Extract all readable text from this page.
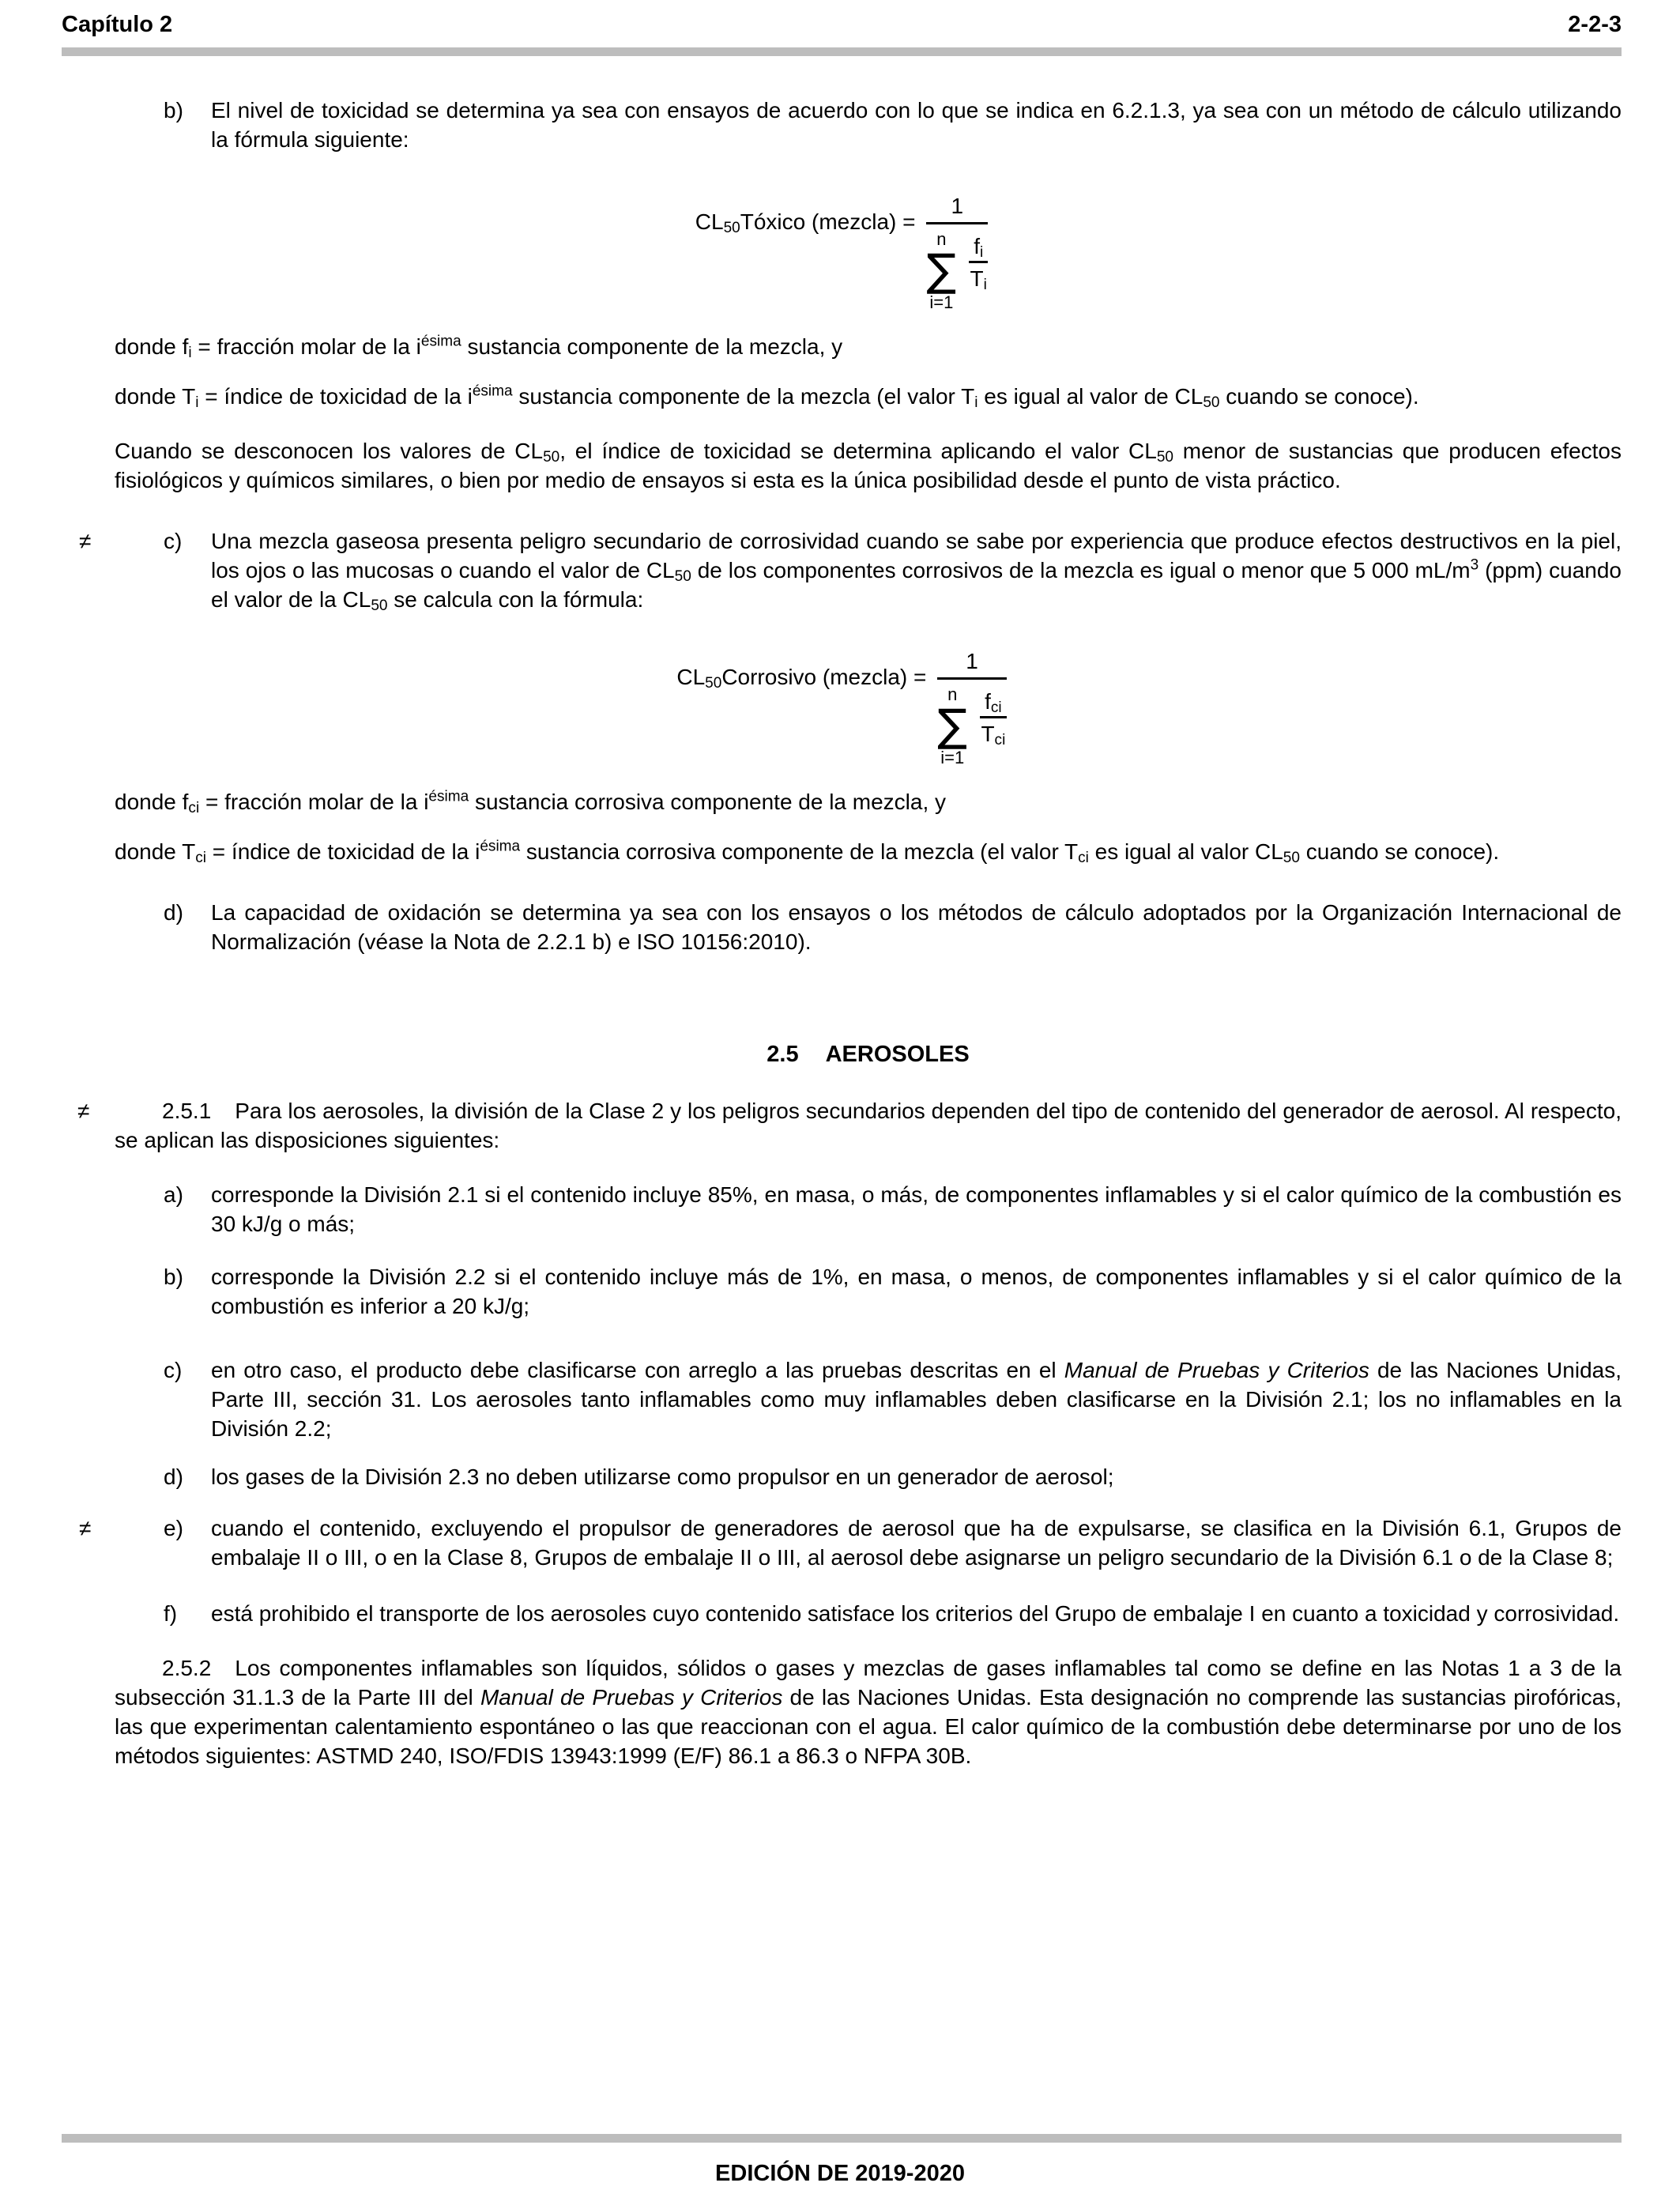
Capítulo 2	2-2-3
b)	El nivel de toxicidad se determina ya sea con ensayos de acuerdo con lo que se indica en 6.2.1.3, ya sea con un método de cálculo utilizando la fórmula siguiente:
$CL_{50}Tóxico$ (mezcla) =
1
n
∑
i=1
$\frac{f_i}{T_i}$

donde $f_i$ = fracción molar de la $i^{ésima}$ sustancia componente de la mezcla, y

donde $T_i$ = índice de toxicidad de la $i^{ésima}$ sustancia componente de la mezcla (el valor $T_i$ es igual al valor de $CL_{50}$ cuando se conoce).

Cuando se desconocen los valores de $CL_{50}$, el índice de toxicidad se determina aplicando el valor $CL_{50}$ menor de sustancias que producen efectos fisiológicos y químicos similares, o bien por medio de ensayos si esta es la única posibilidad desde el punto de vista práctico.

≠	c)	Una mezcla gaseosa presenta peligro secundario de corrosividad cuando se sabe por experiencia que produce efectos destructivos en la piel, los ojos o las mucosas o cuando el valor de $CL_{50}$ de los componentes corrosivos de la mezcla es igual o menor que 5 000 $mL/m^3$ (ppm) cuando el valor de la $CL_{50}$ se calcula con la fórmula:
$CL_{50}Corrosivo$ (mezcla) =
1
n
∑
i=1
$\frac{f_{ci}}{T_{ci}}$

donde $f_{ci}$ = fracción molar de la $i^{ésima}$ sustancia corrosiva componente de la mezcla, y

donde $T_{ci}$ = índice de toxicidad de la $i^{ésima}$ sustancia corrosiva componente de la mezcla (el valor $T_{ci}$ es igual al valor $CL_{50}$ cuando se conoce).

d)	La capacidad de oxidación se determina ya sea con los ensayos o los métodos de cálculo adoptados por la Organización Internacional de Normalización (véase la Nota de 2.2.1 b) e ISO 10156:2010).
2.5 AEROSOLES

≠	2.5.1 Para los aerosoles, la división de la Clase 2 y los peligros secundarios dependen del tipo de contenido del generador de aerosol. Al respecto, se aplican las disposiciones siguientes:

a)	corresponde la División 2.1 si el contenido incluye 85%, en masa, o más, de componentes inflamables y si el calor químico de la combustión es 30 kJ/g o más;
b)	corresponde la División 2.2 si el contenido incluye más de 1%, en masa, o menos, de componentes inflamables y si el calor químico de la combustión es inferior a 20 kJ/g;
c)	en otro caso, el producto debe clasificarse con arreglo a las pruebas descritas en el Manual de Pruebas y Criterios de las Naciones Unidas, Parte III, sección 31. Los aerosoles tanto inflamables como muy inflamables deben clasificarse en la División 2.1; los no inflamables en la División 2.2;
d)	los gases de la División 2.3 no deben utilizarse como propulsor en un generador de aerosol;
≠	e)	cuando el contenido, excluyendo el propulsor de generadores de aerosol que ha de expulsarse, se clasifica en la División 6.1, Grupos de embalaje II o III, o en la Clase 8, Grupos de embalaje II o III, al aerosol debe asignarse un peligro secundario de la División 6.1 o de la Clase 8;
f)	está prohibido el transporte de los aerosoles cuyo contenido satisface los criterios del Grupo de embalaje I en cuanto a toxicidad y corrosividad.

2.5.2 Los componentes inflamables son líquidos, sólidos o gases y mezclas de gases inflamables tal como se define en las Notas 1 a 3 de la subsección 31.1.3 de la Parte III del Manual de Pruebas y Criterios de las Naciones Unidas. Esta designación no comprende las sustancias pirofóricas, las que experimentan calentamiento espontáneo o las que reaccionan con el agua. El calor químico de la combustión debe determinarse por uno de los métodos siguientes: ASTMD 240, ISO/FDIS 13943:1999 (E/F) 86.1 a 86.3 o NFPA 30B.

EDICIÓN DE 2019-2020
